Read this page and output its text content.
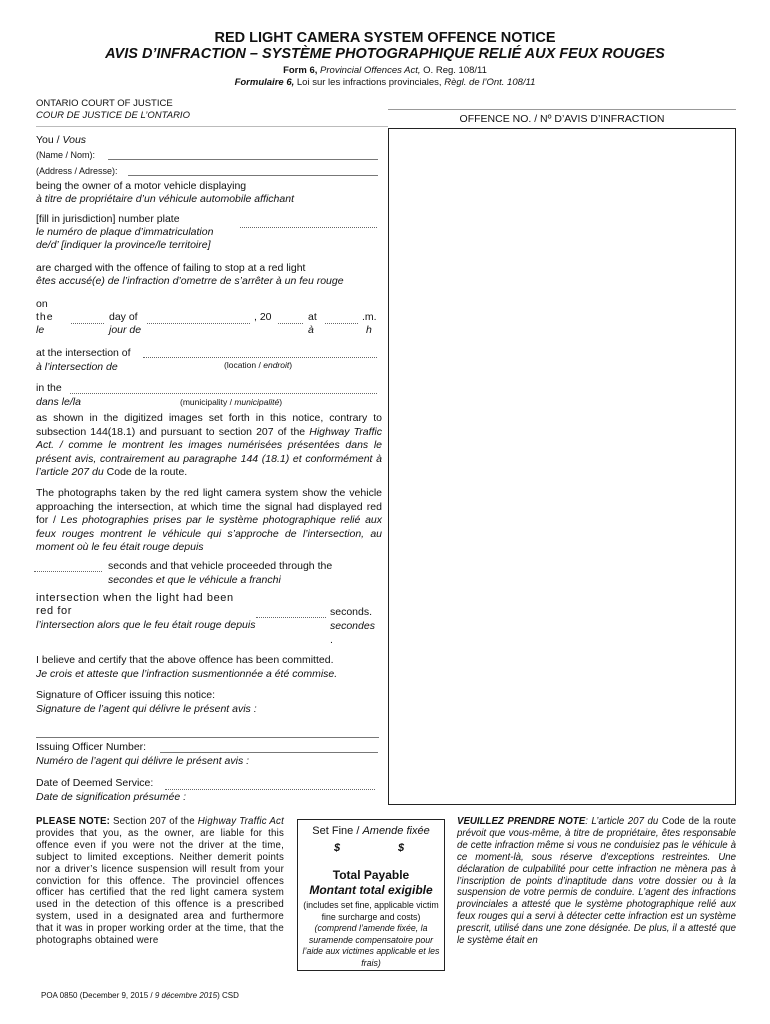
RED LIGHT CAMERA SYSTEM OFFENCE NOTICE
AVIS D’INFRACTION – SYSTÈME PHOTOGRAPHIQUE RELIÉ AUX FEUX ROUGES
Form 6, Provincial Offences Act, O. Reg. 108/11
Formulaire 6, Loi sur les infractions provinciales, Règl. de l’Ont. 108/11
ONTARIO COURT OF JUSTICE
COUR DE JUSTICE DE L’ONTARIO	OFFENCE NO. / Nº D’AVIS D’INFRACTION
You / Vous
(Name / Nom):
(Address / Adresse):
being the owner of a motor vehicle displaying
à titre de propriétaire d’un véhicule automobile affichant
[fill in jurisdiction] number plate
le numéro de plaque d’immatriculation
de/d’ [indiquer la province/le territoire]
are charged with the offence of failing to stop at a red light
êtes accusé(e) de l’infraction d’ometrre de s’arrêter à un feu rouge
on
the
le
day of
jour de
, 20	at
à
.m.
h
at the intersection of
à l’intersection de	(location / endroit)
in the
dans le/la	(municipality / municipalité)
as shown in the digitized images set forth in this notice, contrary to subsection 144(18.1) and pursuant to section 207 of the Highway Traffic Act. / comme le montrent les images numérisées présentées dans le présent avis, contrairement au paragraphe 144 (18.1) et conformément à l’article 207 du Code de la route.
The photographs taken by the red light camera system show the vehicle approaching the intersection, at which time the signal had displayed red for / Les photographies prises par le système photographique relié aux feux rouges montrent le véhicule qui s’approche de l’intersection, au moment où le feu était rouge depuis
seconds and that vehicle proceeded through the
secondes et que le véhicule a franchi
intersection when the light had been red for
l’intersection alors que le feu était rouge depuis
seconds.
secondes
.
I believe and certify that the above offence has been committed.
Je crois et atteste que l’infraction susmentionnée a été commise.
Signature of Officer issuing this notice:
Signature de l’agent qui délivre le présent avis :
Issuing Officer Number:
Numéro de l’agent qui délivre le présent avis :
Date of Deemed Service:
Date de signification présumée :
PLEASE NOTE: Section 207 of the Highway Traffic Act provides that you, as the owner, are liable for this offence even if you were not the driver at the time, subject to limited exceptions. Neither demerit points nor a driver’s licence suspension will result from your conviction for this offence. The provinciel offences officer has certified that the red light camera system used in the detection of this offence is a prescribed system, used in a designated area and furthermore that it was in proper working order at the time, that the photographs obtained were
Set Fine / Amende fixée
$	$
Total Payable
Montant total exigible
(includes set fine, applicable victim fine surcharge and costs) (comprend l’amende fixée, la suramende compensatoire pour l’aide aux victimes applicable et les frais)
VEUILLEZ PRENDRE NOTE: L’article 207 du Code de la route prévoit que vous-même, à titre de propriétaire, êtes responsable de cette infraction même si vous ne conduisiez pas le véhicule à ce moment-là, sous réserve d’exceptions restreintes. Une déclaration de culpabilité pour cette infraction ne mènera pas à l’inscription de points d’inaptitude dans votre dossier ou à la suspension de votre permis de conduire. L’agent des infractions provinciales a attesté que le système photographique relié aux feux rouges qui a servi à détecter cette infraction est un système prescrit, utilisé dans une zone désignée. De plus, il a attesté que le système était en
POA 0850 (December 9, 2015 / 9 décembre 2015) CSD
